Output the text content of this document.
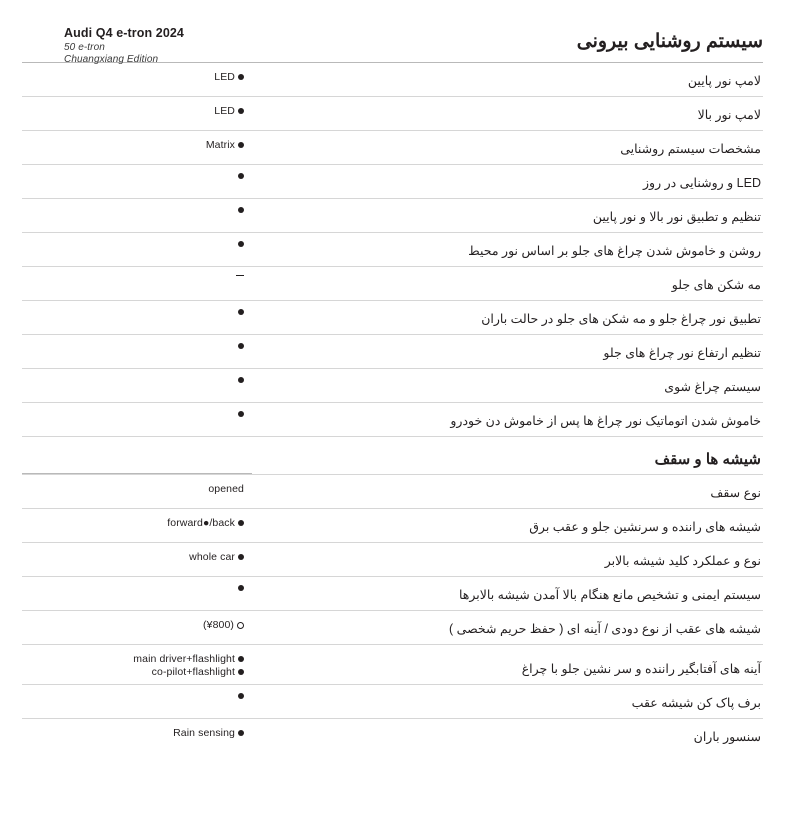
Audi Q4 e-tron 2024
50 e-tron
Chuangxiang Edition
سیستم روشنایی بیرونی
لامپ نور پایین
LED
لامپ نور بالا
LED
مشخصات سیستم روشنایی
Matrix
LED و روشنایی در روز
تنظیم و تطبیق نور بالا و نور پایین
روشن و خاموش شدن چراغ های جلو بر اساس نور محیط
مه شکن های جلو
تطبیق نور چراغ جلو و مه شکن های جلو در حالت باران
تنظیم ارتفاع نور چراغ های جلو
سیستم چراغ شوی
خاموش شدن اتوماتیک نور چراغ ها پس از خاموش دن خودرو
شیشه ها و سقف
نوع سقف
opened
شیشه های راننده و سرنشین جلو و عقب برق
forward●/back
نوع و عملکرد کلید شیشه بالابر
whole car
سیستم ایمنی و تشخیص مانع هنگام بالا آمدن شیشه بالابرها
شیشه های عقب از نوع دودی / آینه ای ( حفظ حریم شخصی )
(¥800)
آینه های آفتابگیر راننده و سر نشین جلو با چراغ
main driver+flashlight
co-pilot+flashlight
برف پاک کن شیشه عقب
سنسور باران
Rain sensing
